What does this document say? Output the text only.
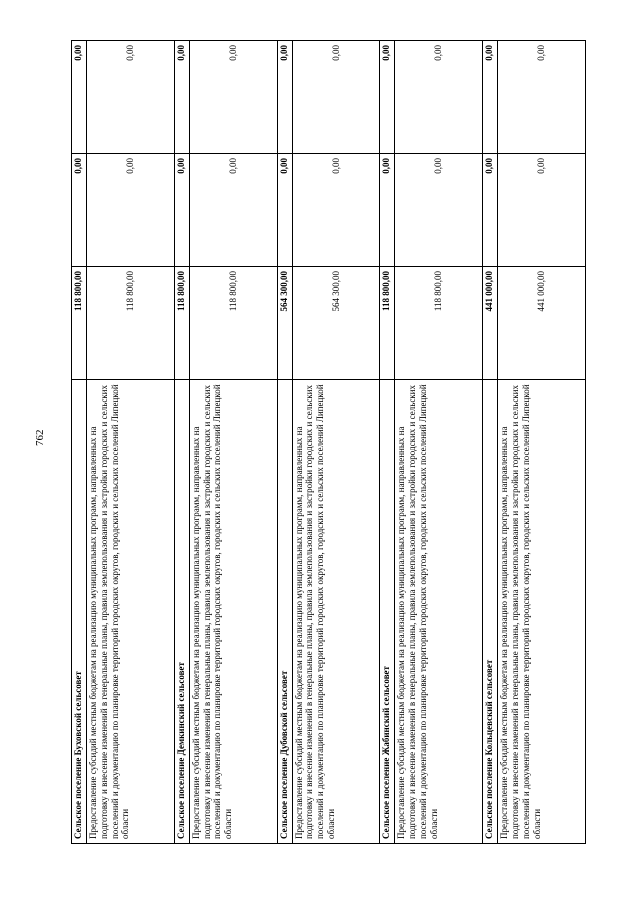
762
Сельское поселение Буховской сельсовет	118 800,00	0,00	0,00
Предоставление субсидий местным бюджетам на реализацию муниципальных программ, направленных на подготовку и внесение изменений в генеральные планы, правила землепользования и застройки городских и сельских поселений и документацию по планировке территорий городских округов, городских и сельских поселений Липецкой области	118 800,00	0,00	0,00
Сельское поселение Демкинский сельсовет	118 800,00	0,00	0,00
Предоставление субсидий местным бюджетам на реализацию муниципальных программ, направленных на подготовку и внесение изменений в генеральные планы, правила землепользования и застройки городских и сельских поселений и документацию по планировке территорий городских округов, городских и сельских поселений Липецкой области	118 800,00	0,00	0,00
Сельское поселение Дубовской сельсовет	564 300,00	0,00	0,00
Предоставление субсидий местным бюджетам на реализацию муниципальных программ, направленных на подготовку и внесение изменений в генеральные планы, правила землепользования и застройки городских и сельских поселений и документацию по планировке территорий городских округов, городских и сельских поселений Липецкой области	564 300,00	0,00	0,00
Сельское поселение Жабинский сельсовет	118 800,00	0,00	0,00
Предоставление субсидий местным бюджетам на реализацию муниципальных программ, направленных на подготовку и внесение изменений в генеральные планы, правила землепользования и застройки городских и сельских поселений и документацию по планировке территорий городских округов, городских и сельских поселений Липецкой области	118 800,00	0,00	0,00
Сельское поселение Кольцевский сельсовет	441 000,00	0,00	0,00
Предоставление субсидий местным бюджетам на реализацию муниципальных программ, направленных на подготовку и внесение изменений в генеральные планы, правила землепользования и застройки городских и сельских поселений и документацию по планировке территорий городских округов, городских и сельских поселений Липецкой области	441 000,00	0,00	0,00
